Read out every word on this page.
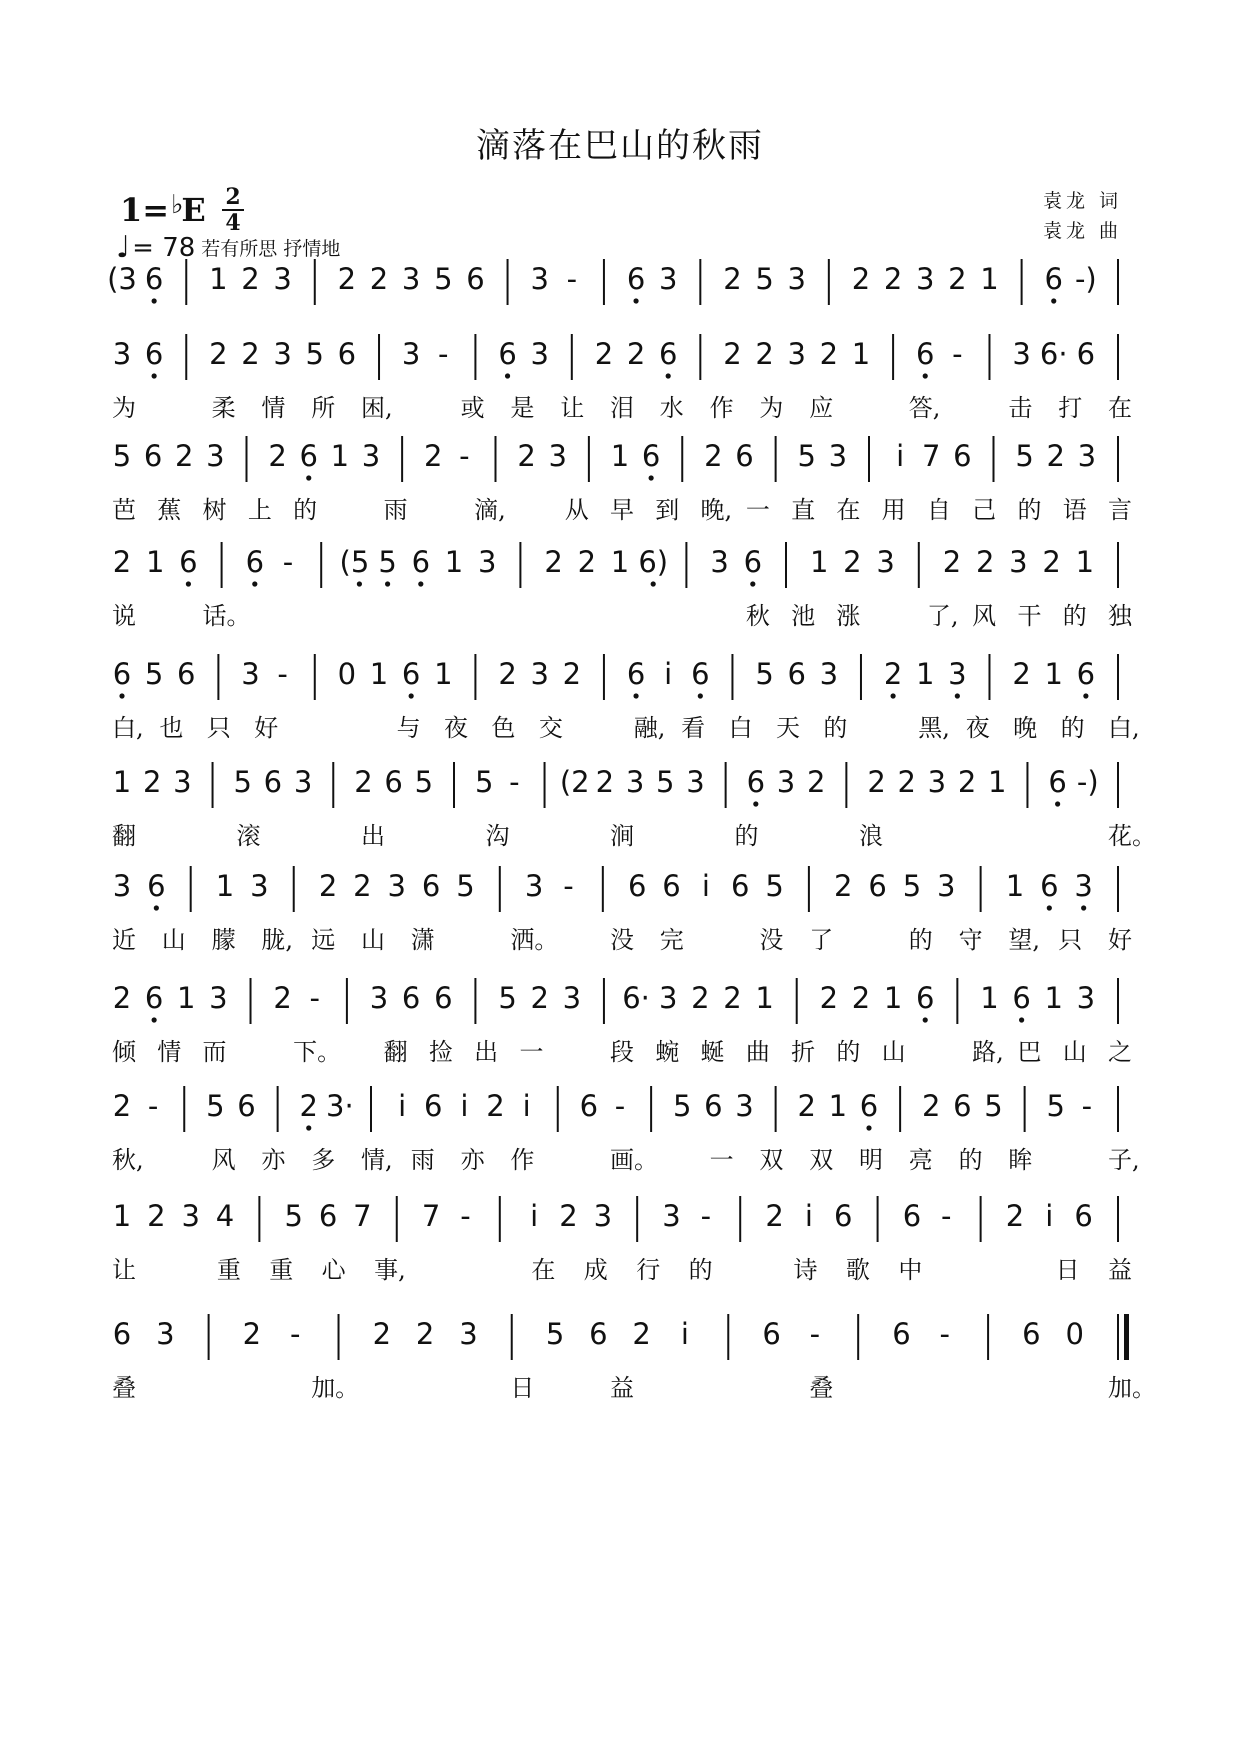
滴落在巴山的秋雨
1=♭E 2
4
♩ = 78 若有所思 抒情地
袁龙 词
袁龙 曲
(3 6 1 2 3 2 2 3 5 6 3 - 6 3 2 5 3 2 2 3 2 1 6 -)
3 6 2 2 3 5 6 3 - 6 3 2 2 6 2 2 3 2 1 6 - 3 6· 6
为	柔 情 所 困,	或 是 让 泪 水 作 为 应	答,	击 打 在
5 6 2 3 2 6 1 3 2 - 2 3 1 6 2 6 5 3 i 7 6 5 2 3
芭 蕉 树 上 的	雨	滴, 从 早 到 晚, 一 直 在 用 自 己 的 语 言
2 1 6 6 - (5 5 6 1 3 2 2 1 6) 3 6 1 2 3 2 2 3 2 1
说	话。	秋 池 涨	了, 风 干 的 独
6 5 6 3 - 0 1 6 1 2 3 2 6 i 6 5 6 3 2 1 3 2 1 6
白, 也 只 好	与 夜 色 交	融, 看 白 天 的	黑, 夜 晚 的 白,
1 2 3 5 6 3 2 6 5 5 - (2 2 3 5 3 6 3 2 2 2 3 2 1 6 -)
翻	滚	出	沟	涧	的	浪	花。
3 6 1 3 2 2 3 6 5 3 - 6 6 i 6 5 2 6 5 3 1 6 3
近 山 朦 胧, 远 山 潇	洒。 没 完	没 了	的 守 望, 只 好
2 6 1 3 2 - 3 6 6 5 2 3 6· 3 2 2 1 2 2 1 6 1 6 1 3
倾 情 而	下。 翻 捡 出 一	段 蜿 蜒 曲 折 的 山	路, 巴 山 之
2 - 5 6 2 3· i 6 i 2 i 6 - 5 6 3 2 1 6 2 6 5 5 -
秋,	风 亦 多 情, 雨 亦 作	画。 一 双 双 明 亮 的 眸	子,
1 2 3 4 5 6 7 7 - i 2 3 3 - 2 i 6 6 - 2 i 6
让	重 重 心 事,	在 成 行 的	诗 歌 中	日 益
6 3 2 - 2 2 3 5 6 2 i	6 - 6 - 6 0
叠	加。	日	益	叠	加。
